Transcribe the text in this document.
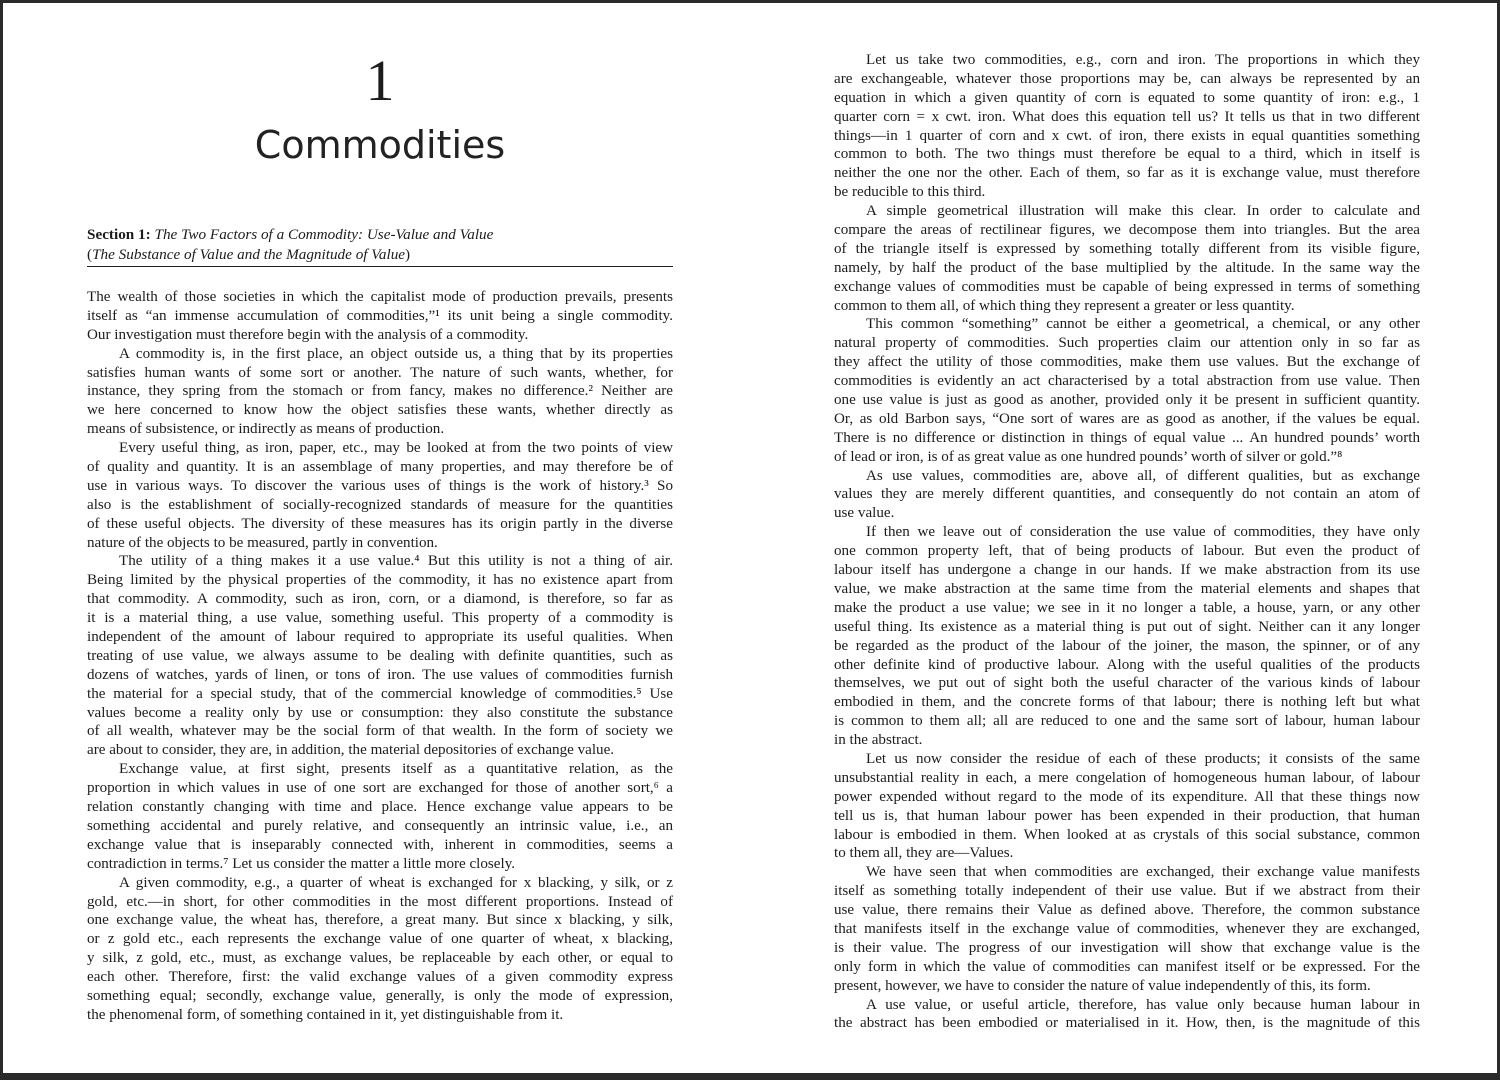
1
Commodities
Section 1: The Two Factors of a Commodity: Use-Value and Value
(The Substance of Value and the Magnitude of Value)
The wealth of those societies in which the capitalist mode of production prevails, presents
itself as “an immense accumulation of commodities,”¹ its unit being a single commodity.
Our investigation must therefore begin with the analysis of a commodity.
A commodity is, in the first place, an object outside us, a thing that by its properties
satisfies human wants of some sort or another. The nature of such wants, whether, for
instance, they spring from the stomach or from fancy, makes no difference.² Neither are
we here concerned to know how the object satisfies these wants, whether directly as
means of subsistence, or indirectly as means of production.
Every useful thing, as iron, paper, etc., may be looked at from the two points of view
of quality and quantity. It is an assemblage of many properties, and may therefore be of
use in various ways. To discover the various uses of things is the work of history.³ So
also is the establishment of socially-recognized standards of measure for the quantities
of these useful objects. The diversity of these measures has its origin partly in the diverse
nature of the objects to be measured, partly in convention.
The utility of a thing makes it a use value.⁴ But this utility is not a thing of air.
Being limited by the physical properties of the commodity, it has no existence apart from
that commodity. A commodity, such as iron, corn, or a diamond, is therefore, so far as
it is a material thing, a use value, something useful. This property of a commodity is
independent of the amount of labour required to appropriate its useful qualities. When
treating of use value, we always assume to be dealing with definite quantities, such as
dozens of watches, yards of linen, or tons of iron. The use values of commodities furnish
the material for a special study, that of the commercial knowledge of commodities.⁵ Use
values become a reality only by use or consumption: they also constitute the substance
of all wealth, whatever may be the social form of that wealth. In the form of society we
are about to consider, they are, in addition, the material depositories of exchange value.
Exchange value, at first sight, presents itself as a quantitative relation, as the
proportion in which values in use of one sort are exchanged for those of another sort,⁶ a
relation constantly changing with time and place. Hence exchange value appears to be
something accidental and purely relative, and consequently an intrinsic value, i.e., an
exchange value that is inseparably connected with, inherent in commodities, seems a
contradiction in terms.⁷ Let us consider the matter a little more closely.
A given commodity, e.g., a quarter of wheat is exchanged for x blacking, y silk, or z
gold, etc.—in short, for other commodities in the most different proportions. Instead of
one exchange value, the wheat has, therefore, a great many. But since x blacking, y silk,
or z gold etc., each represents the exchange value of one quarter of wheat, x blacking,
y silk, z gold, etc., must, as exchange values, be replaceable by each other, or equal to
each other. Therefore, first: the valid exchange values of a given commodity express
something equal; secondly, exchange value, generally, is only the mode of expression,
the phenomenal form, of something contained in it, yet distinguishable from it.
Let us take two commodities, e.g., corn and iron. The proportions in which they
are exchangeable, whatever those proportions may be, can always be represented by an
equation in which a given quantity of corn is equated to some quantity of iron: e.g., 1
quarter corn = x cwt. iron. What does this equation tell us? It tells us that in two different
things—in 1 quarter of corn and x cwt. of iron, there exists in equal quantities something
common to both. The two things must therefore be equal to a third, which in itself is
neither the one nor the other. Each of them, so far as it is exchange value, must therefore
be reducible to this third.
A simple geometrical illustration will make this clear. In order to calculate and
compare the areas of rectilinear figures, we decompose them into triangles. But the area
of the triangle itself is expressed by something totally different from its visible figure,
namely, by half the product of the base multiplied by the altitude. In the same way the
exchange values of commodities must be capable of being expressed in terms of something
common to them all, of which thing they represent a greater or less quantity.
This common “something” cannot be either a geometrical, a chemical, or any other
natural property of commodities. Such properties claim our attention only in so far as
they affect the utility of those commodities, make them use values. But the exchange of
commodities is evidently an act characterised by a total abstraction from use value. Then
one use value is just as good as another, provided only it be present in sufficient quantity.
Or, as old Barbon says, “One sort of wares are as good as another, if the values be equal.
There is no difference or distinction in things of equal value ... An hundred pounds’ worth
of lead or iron, is of as great value as one hundred pounds’ worth of silver or gold.”⁸
As use values, commodities are, above all, of different qualities, but as exchange
values they are merely different quantities, and consequently do not contain an atom of
use value.
If then we leave out of consideration the use value of commodities, they have only
one common property left, that of being products of labour. But even the product of
labour itself has undergone a change in our hands. If we make abstraction from its use
value, we make abstraction at the same time from the material elements and shapes that
make the product a use value; we see in it no longer a table, a house, yarn, or any other
useful thing. Its existence as a material thing is put out of sight. Neither can it any longer
be regarded as the product of the labour of the joiner, the mason, the spinner, or of any
other definite kind of productive labour. Along with the useful qualities of the products
themselves, we put out of sight both the useful character of the various kinds of labour
embodied in them, and the concrete forms of that labour; there is nothing left but what
is common to them all; all are reduced to one and the same sort of labour, human labour
in the abstract.
Let us now consider the residue of each of these products; it consists of the same
unsubstantial reality in each, a mere congelation of homogeneous human labour, of labour
power expended without regard to the mode of its expenditure. All that these things now
tell us is, that human labour power has been expended in their production, that human
labour is embodied in them. When looked at as crystals of this social substance, common
to them all, they are—Values.
We have seen that when commodities are exchanged, their exchange value manifests
itself as something totally independent of their use value. But if we abstract from their
use value, there remains their Value as defined above. Therefore, the common substance
that manifests itself in the exchange value of commodities, whenever they are exchanged,
is their value. The progress of our investigation will show that exchange value is the
only form in which the value of commodities can manifest itself or be expressed. For the
present, however, we have to consider the nature of value independently of this, its form.
A use value, or useful article, therefore, has value only because human labour in
the abstract has been embodied or materialised in it. How, then, is the magnitude of this
